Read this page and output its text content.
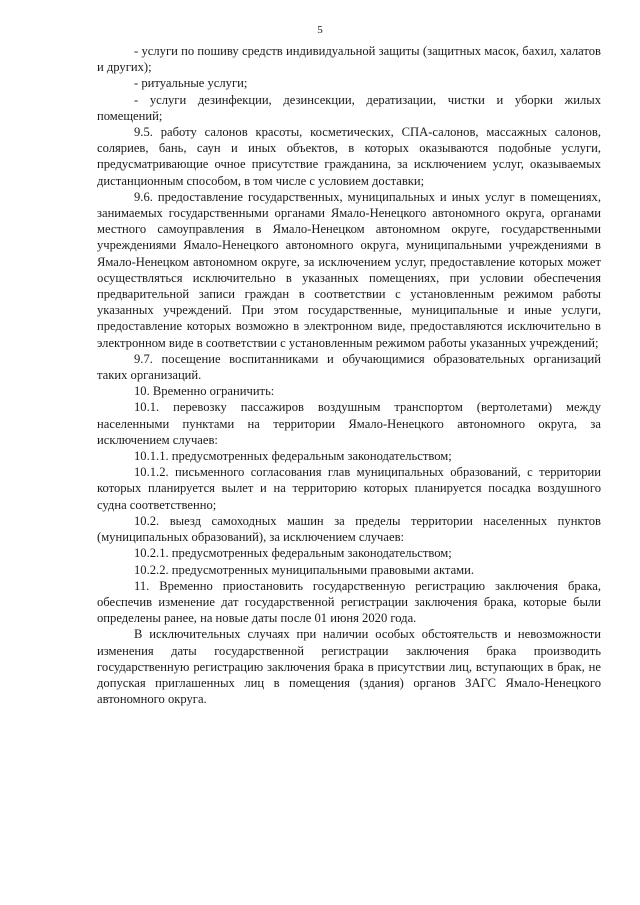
5

- услуги по пошиву средств индивидуальной защиты (защитных масок, бахил, халатов и других);

- ритуальные услуги;

- услуги дезинфекции, дезинсекции, дератизации, чистки и уборки жилых помещений;

9.5. работу салонов красоты, косметических, СПА-салонов, массажных салонов, соляриев, бань, саун и иных объектов, в которых оказываются подобные услуги, предусматривающие очное присутствие гражданина, за исключением услуг, оказываемых дистанционным способом, в том числе с условием доставки;

9.6. предоставление государственных, муниципальных и иных услуг в помещениях, занимаемых государственными органами Ямало-Ненецкого автономного округа, органами местного самоуправления в Ямало-Ненецком автономном округе, государственными учреждениями Ямало-Ненецкого автономного округа, муниципальными учреждениями в Ямало-Ненецком автономном округе, за исключением услуг, предоставление которых может осуществляться исключительно в указанных помещениях, при условии обеспечения предварительной записи граждан в соответствии с установленным режимом работы указанных учреждений. При этом государственные, муниципальные и иные услуги, предоставление которых возможно в электронном виде, предоставляются исключительно в электронном виде в соответствии с установленным режимом работы указанных учреждений;

9.7. посещение воспитанниками и обучающимися образовательных организаций таких организаций.

10. Временно ограничить:

10.1. перевозку пассажиров воздушным транспортом (вертолетами) между населенными пунктами на территории Ямало-Ненецкого автономного округа, за исключением случаев:

10.1.1. предусмотренных федеральным законодательством;

10.1.2. письменного согласования глав муниципальных образований, с территории которых планируется вылет и на территорию которых планируется посадка воздушного судна соответственно;

10.2. выезд самоходных машин за пределы территории населенных пунктов (муниципальных образований), за исключением случаев:

10.2.1. предусмотренных федеральным законодательством;

10.2.2. предусмотренных муниципальными правовыми актами.

11. Временно приостановить государственную регистрацию заключения брака, обеспечив изменение дат государственной регистрации заключения брака, которые были определены ранее, на новые даты после 01 июня 2020 года.

В исключительных случаях при наличии особых обстоятельств и невозможности изменения даты государственной регистрации заключения брака производить государственную регистрацию заключения брака в присутствии лиц, вступающих в брак, не допуская приглашенных лиц в помещения (здания) органов ЗАГС Ямало-Ненецкого автономного округа.
